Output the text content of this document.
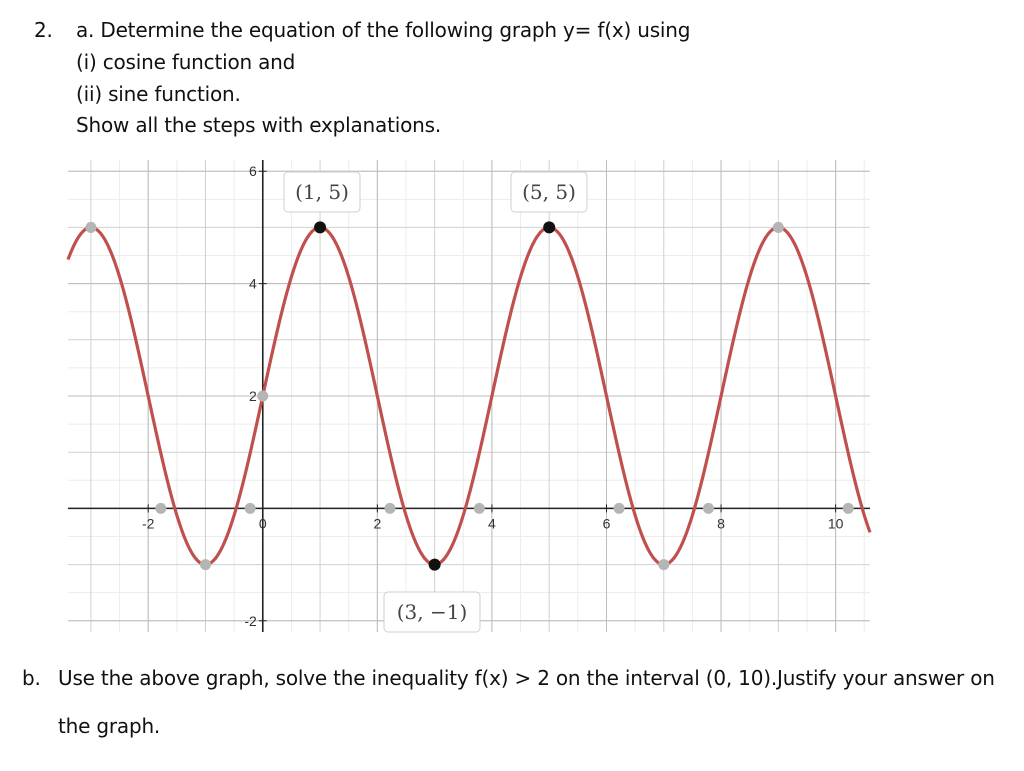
2. a. Determine the equation of the following graph y= f(x) using
(i) cosine function and
(ii) sine function.
Show all the steps with explanations.
-2	0	2	4	6	8	10
-2
2
4
6
(1, 5)	(5, 5)
(3, −1)
b. Use the above graph, solve the inequality f(x) > 2 on the interval (0, 10).Justify your answer on
the graph.
